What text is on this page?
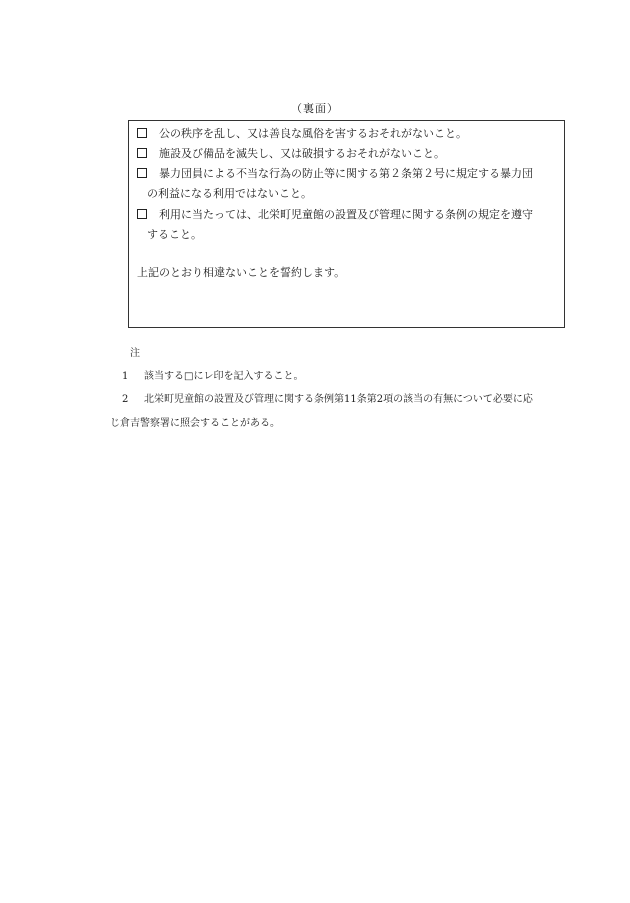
（裏面）
公の秩序を乱し、又は善良な風俗を害するおそれがないこと。
施設及び備品を滅失し、又は破損するおそれがないこと。
暴力団員による不当な行為の防止等に関する第２条第２号に規定する暴力団
の利益になる利用ではないこと。
利用に当たっては、北栄町児童館の設置及び管理に関する条例の規定を遵守
すること。
上記のとおり相違ないことを誓約します。
注
1 該当する□にレ印を記入すること。
2 北栄町児童館の設置及び管理に関する条例第11条第2項の該当の有無について必要に応
じ倉吉警察署に照会することがある。
